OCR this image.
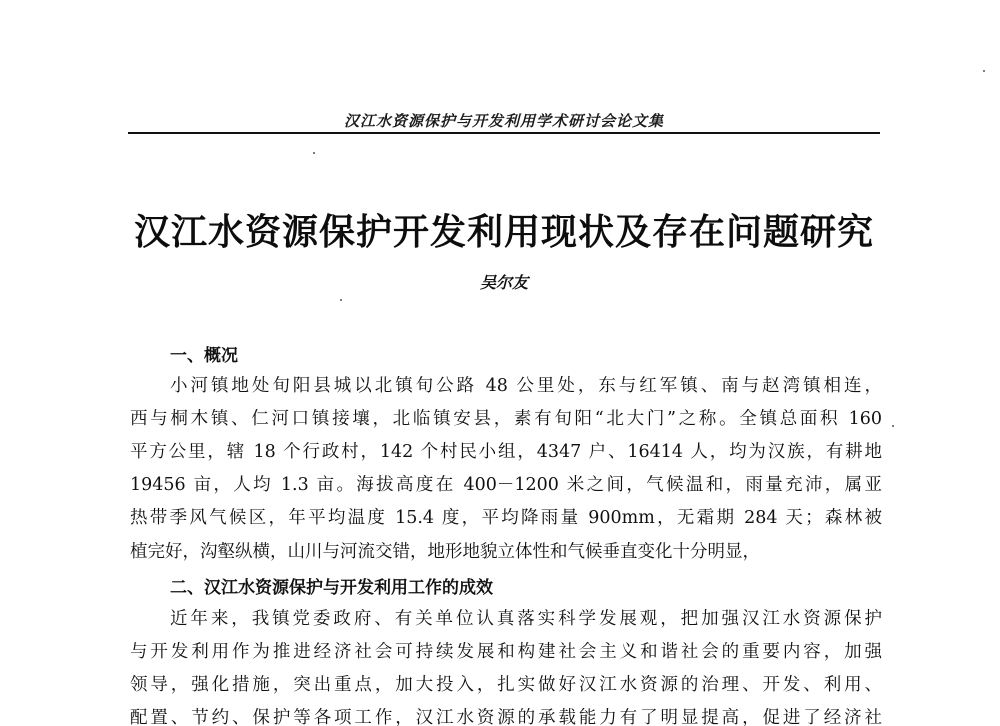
汉江水资源保护与开发利用学术研讨会论文集
汉江水资源保护开发利用现状及存在问题研究
吴尔友
一、概况
小河镇地处旬阳县城以北镇旬公路 48 公里处，东与红军镇、南与赵湾镇相连，
西与桐木镇、仁河口镇接壤，北临镇安县，素有旬阳“北大门”之称。全镇总面积 160
平方公里，辖 18 个行政村，142 个村民小组，4347 户、16414 人，均为汉族，有耕地
19456 亩，人均 1.3 亩。海拔高度在 400－1200 米之间，气候温和，雨量充沛，属亚
热带季风气候区，年平均温度 15.4 度，平均降雨量 900mm，无霜期 284 天；森林被
植完好，沟壑纵横，山川与河流交错，地形地貌立体性和气候垂直变化十分明显，
二、汉江水资源保护与开发利用工作的成效
近年来，我镇党委政府、有关单位认真落实科学发展观，把加强汉江水资源保护
与开发利用作为推进经济社会可持续发展和构建社会主义和谐社会的重要内容，加强
领导，强化措施，突出重点，加大投入，扎实做好汉江水资源的治理、开发、利用、
配置、节约、保护等各项工作，汉江水资源的承载能力有了明显提高，促进了经济社
